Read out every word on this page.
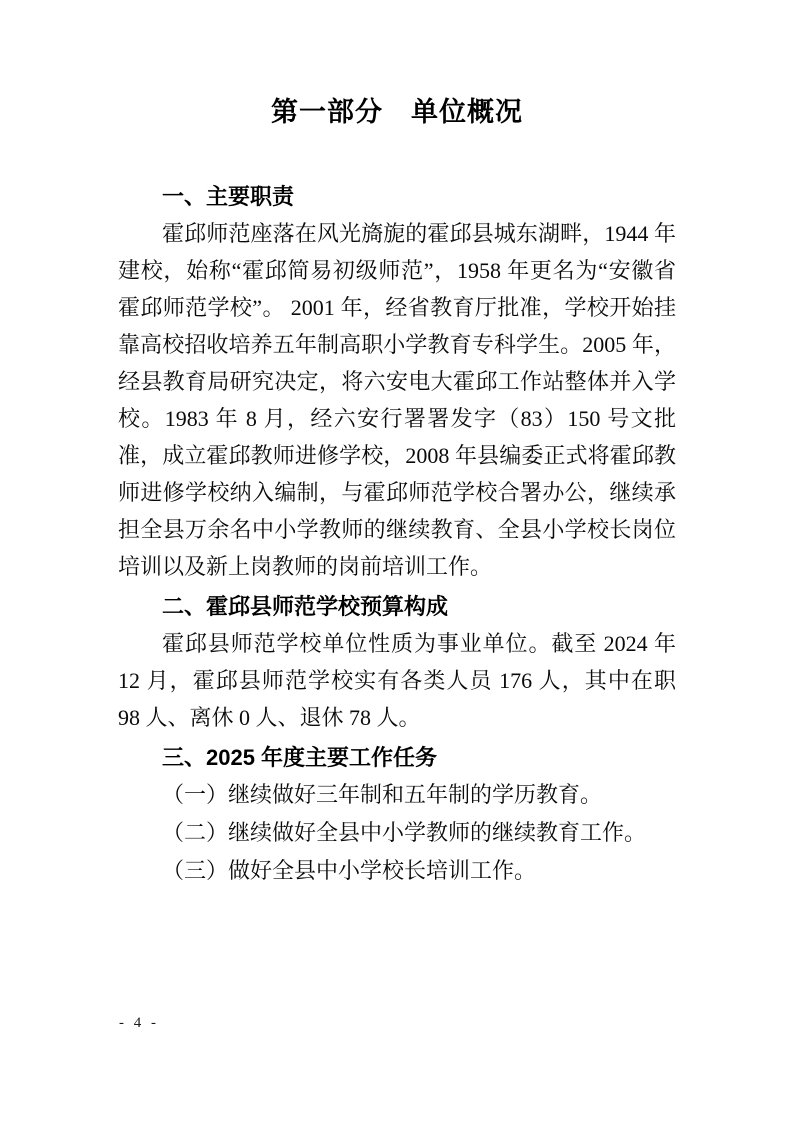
第一部分　单位概况
一、主要职责

霍邱师范座落在风光旖旎的霍邱县城东湖畔，1944 年建校，始称“霍邱简易初级师范”，1958 年更名为“安徽省霍邱师范学校”。 2001 年，经省教育厅批准，学校开始挂靠高校招收培养五年制高职小学教育专科学生。2005 年，经县教育局研究决定，将六安电大霍邱工作站整体并入学校。1983 年 8 月，经六安行署署发字（83）150 号文批准，成立霍邱教师进修学校，2008 年县编委正式将霍邱教师进修学校纳入编制，与霍邱师范学校合署办公，继续承担全县万余名中小学教师的继续教育、全县小学校长岗位培训以及新上岗教师的岗前培训工作。

二、霍邱县师范学校预算构成

霍邱县师范学校单位性质为事业单位。截至 2024 年 12 月，霍邱县师范学校实有各类人员 176 人，其中在职 98 人、离休 0 人、退休 78 人。

三、2025 年度主要工作任务

（一）继续做好三年制和五年制的学历教育。

（二）继续做好全县中小学教师的继续教育工作。

（三）做好全县中小学校长培训工作。

- 4 -
